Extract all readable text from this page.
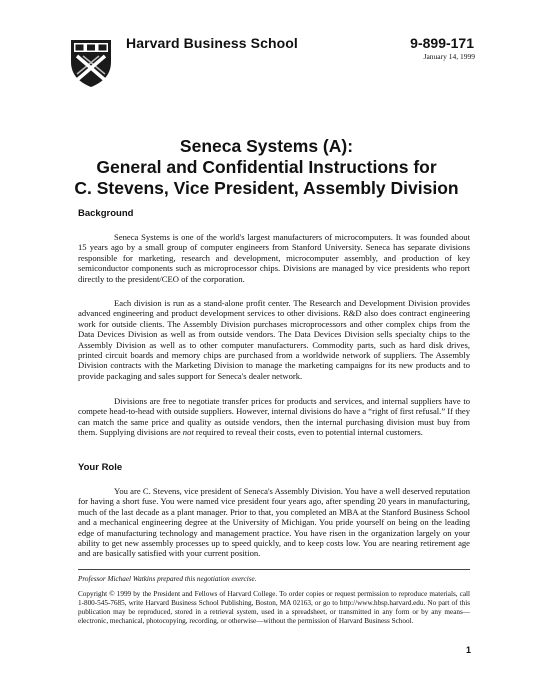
Harvard Business School	9-899-171
January 14, 1999
Seneca Systems (A):
General and Confidential Instructions for
C. Stevens, Vice President, Assembly Division
Background

Seneca Systems is one of the world's largest manufacturers of microcomputers. It was founded about 15 years ago by a small group of computer engineers from Stanford University. Seneca has separate divisions responsible for marketing, research and development, microcomputer assembly, and production of key semiconductor components such as microprocessor chips. Divisions are managed by vice presidents who report directly to the president/CEO of the corporation.

Each division is run as a stand-alone profit center. The Research and Development Division provides advanced engineering and product development services to other divisions. R&D also does contract engineering work for outside clients. The Assembly Division purchases microprocessors and other complex chips from the Data Devices Division as well as from outside vendors. The Data Devices Division sells specialty chips to the Assembly Division as well as to other computer manufacturers. Commodity parts, such as hard disk drives, printed circuit boards and memory chips are purchased from a worldwide network of suppliers. The Assembly Division contracts with the Marketing Division to manage the marketing campaigns for its new products and to provide packaging and sales support for Seneca's dealer network.

Divisions are free to negotiate transfer prices for products and services, and internal suppliers have to compete head-to-head with outside suppliers. However, internal divisions do have a “right of first refusal.” If they can match the same price and quality as outside vendors, then the internal purchasing division must buy from them. Supplying divisions are not required to reveal their costs, even to potential internal customers.

Your Role

You are C. Stevens, vice president of Seneca's Assembly Division. You have a well deserved reputation for having a short fuse. You were named vice president four years ago, after spending 20 years in manufacturing, much of the last decade as a plant manager. Prior to that, you completed an MBA at the Stanford Business School and a mechanical engineering degree at the University of Michigan. You pride yourself on being on the leading edge of manufacturing technology and management practice. You have risen in the organization largely on your ability to get new assembly processes up to speed quickly, and to keep costs low. You are nearing retirement age and are basically satisfied with your current position.

Professor Michael Watkins prepared this negotiation exercise.

Copyright © 1999 by the President and Fellows of Harvard College. To order copies or request permission to reproduce materials, call 1-800-545-7685, write Harvard Business School Publishing, Boston, MA 02163, or go to http://www.hbsp.harvard.edu. No part of this publication may be reproduced, stored in a retrieval system, used in a spreadsheet, or transmitted in any form or by any means—electronic, mechanical, photocopying, recording, or otherwise—without the permission of Harvard Business School.

1
